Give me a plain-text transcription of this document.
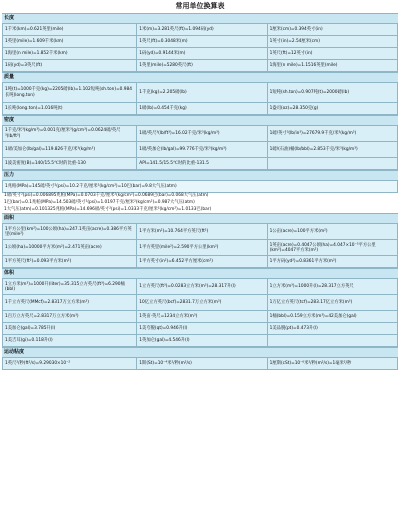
常用单位换算表
长度
1千米(km)=0.621英里(mile)	1米(m)=3.281英尺(ft)=1.094码(yd)	1厘米(cm)=0.394英寸(in)
1英里(mile)=1.609千米(km)	1英尺(ft)=0.3048米(m)	1英寸(in)=2.54厘米(cm)
1海里(n mile)=1.852千米(km)	1码(yd)=0.9144米(m)	1英尺(ft)=12英寸(in)
1码(yd)=3英尺(ft)	1英里(mile)=5280英尺(ft)	1海里(n mile)=1.1516英里(mile)
质量
1吨(t)=1000千克(kg)=2205磅(lb)=1.102短吨(sh.ton)=0.984长吨(long.ton)	1千克(kg)=2.205磅(lb)	1短吨(sh.ton)=0.907吨(t)=2000磅(lb)
1长吨(long.ton)=1.016吨(t)	1磅(lb)=0.454千克(kg)	1盎司(oz)=28.350克(g)
密度
1千克/米³(kg/m³)=0.001克/厘米³(g/cm³)=0.0624磅/英尺³(lb/ft³)	1磅/英尺³(lb/ft³)=16.02千克/米³(kg/m³)	1磅/英寸³(lb/in³)=27679.9千克/米³(kg/m³)
1磅/美加仑(lb/gal)=119.826千克/米³(kg/m³)	1磅/英加仑(lb/gal)=99.776千克/米³(kg/m³)	1磅/(石油)桶(lb/bbl)=2.853千克/米³(kg/m³)
1波美密度(B)=140/15.5℃时的比重-130	API=141.5/15.5℃时的比重-131.5	
压力
1兆帕(MPa)=145磅/英寸²(psi)=10.2千克/厘米²(kg/cm²)=10巴(bar)=9.8大气压(atm)
1磅/英寸²(psi)=0.006895兆帕(MPa)=0.0703千克/厘米²(kg/cm²)=0.0689巴(bar)=0.068大气压(atm)
1巴(bar)=0.1兆帕(MPa)=14.503磅/英寸²(psi)=1.0197千克/厘米²(kg/cm²)=0.987大气压(atm)
1大气压(atm)=0.101325兆帕(MPa)=14.696磅/英寸²(psi)=1.0333千克/厘米²(kg/cm²)=1.0133巴(bar)
面积
1平方公里(km²)=100公顷(ha)=247.1英亩(acre)=0.386平方英里(mile²)	1平方米(m²)=10.764平方英尺(ft²)	1公亩(acre)=100平方米(m²)
1公顷(ha)=10000平方米(m²)=2.471英亩(acre)	1平方英里(mile²)=2.590平方公里(km²)	1英亩(acre)=0.4047公顷(ha)=4.047×10⁻³平方公里(km²)=4047平方米(m²)
1平方英尺(ft²)=0.093平方米(m²)	1平方英寸(in²)=6.452平方厘米(cm²)	1平方码(yd²)=0.8361平方米(m²)
体积
1立方米(m³)=1000升(liter)=35.315立方英尺(ft³)=6.290桶(bbl)	1立方英尺(ft³)=0.0283立方米(m³)=28.317升(l)	1立方米(m³)=1000升(l)=28.317立方英尺
1千立方英尺(MMcf)=2.8317万立方米(m³)	10亿立方英尺(bcf)=2831.7万立方米(m³)	1万亿立方英尺(tcf)=283.17亿立方米(m³)
1百万立方英尺=2.8317万立方米(m³)	1英亩·英尺=1234立方米(m³)	1桶(bbl)=0.159立方米(m³)=42美加仑(gal)
1美加仑(gal)=3.785升(l)	1美夸脱(qt)=0.946升(l)	1美品脱(pt)=0.473升(l)
1美吉耳(gi)=0.118升(l)	1英加仑(gal)=4.546升(l)	
运动粘度
1英尺²/秒(ft²/s)=9.29030×10⁻²	1斯(St)=10⁻⁴米²/秒(m²/s)	1厘斯(cSt)=10⁻⁶米²/秒(m²/s)=1毫米²/秒
